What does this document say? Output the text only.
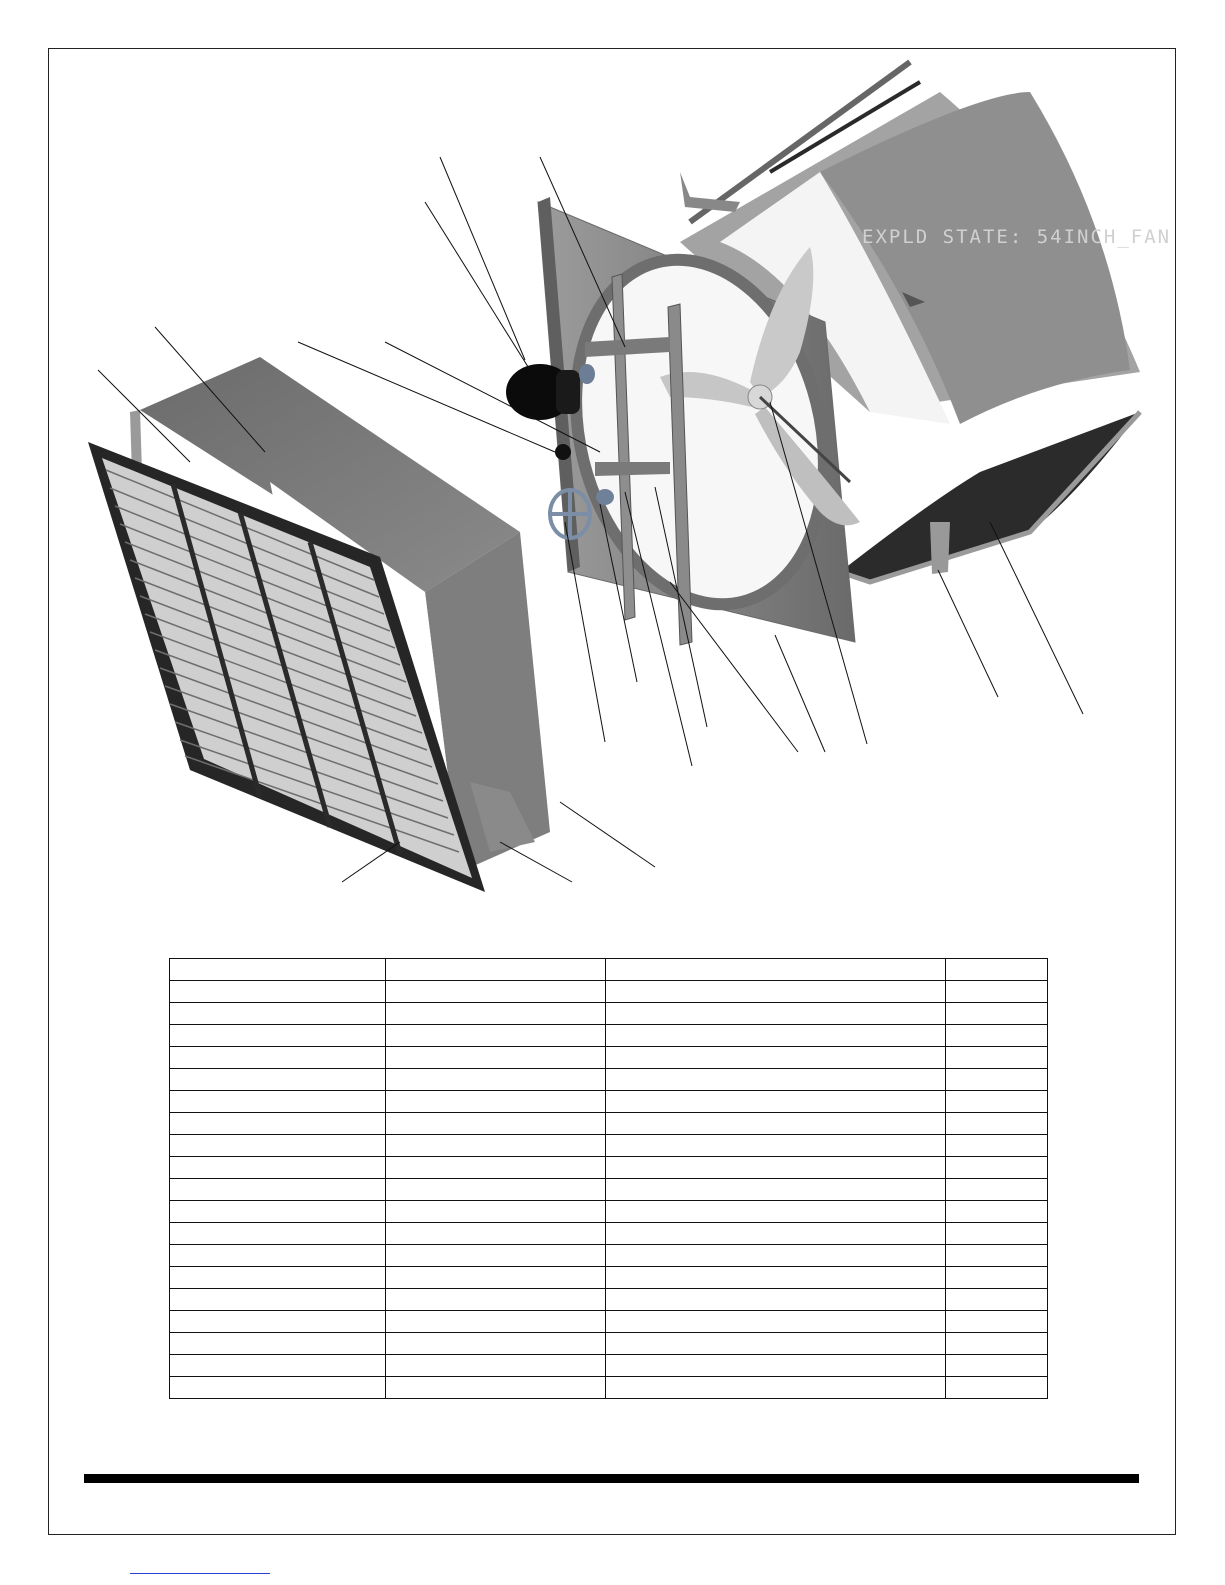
EXPLD STATE: 54INCH_FAN
